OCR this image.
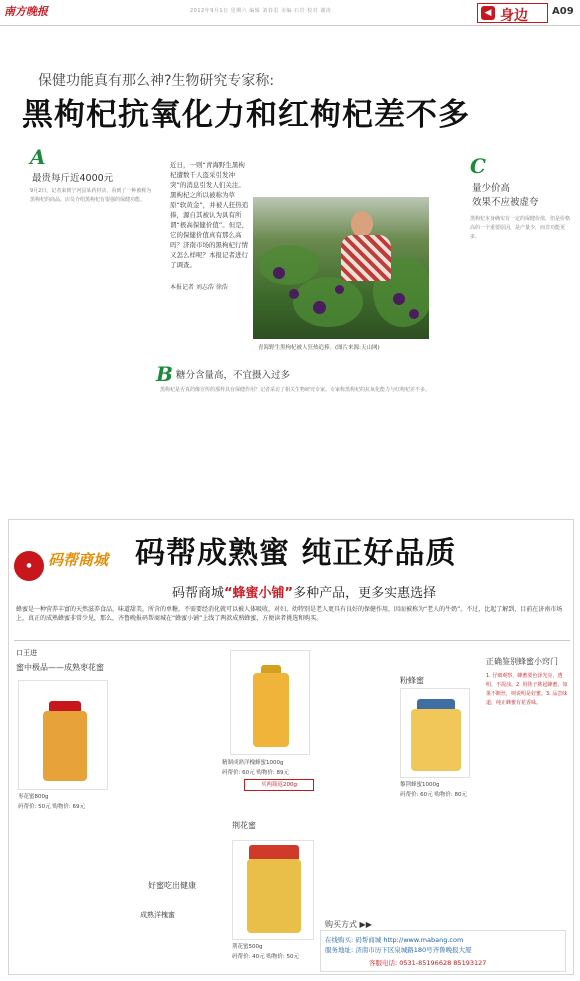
南方晚报	2012年9月1日 星期六 编辑 刘春雷 美编 石岩 校对 谢涛	◀ 身边 A09
保健功能真有那么神?生物研究专家称:
黑枸杞抗氧化力和红枸杞差不多
A
最贵每斤近4000元
9月2日，记者来到宁河县某药材店，看到了一种被称为黑枸杞的商品，店员介绍黑枸杞有很强的保健功能。
近日，一则“青海野生黑枸杞遭数千人盗采引发冲突”的消息引发人们关注。黑枸杞之所以被称为草原“软黄金”，并被人狂热追捧，源自其被认为具有所谓“极高保健价值”。但是，它的保健价值真有那么高吗？济南市场的黑枸杞行情又怎么样呢？本报记者进行了调查。
本报记者 刘志浩 徐浩
青海野生黑枸杞被人狂热追捧。(图片来源:天山网)
B 糖分含量高，不宜摄入过多
黑枸杞是否真的像宣传的那样具有保健作用？记者采访了相关生物研究专家。专家称黑枸杞的抗氧化能力与红枸杞差不多。
C
量少价高
效果不应被虚夸
黑枸杞本身确实有一定的保健价值，但是价格高的一个重要原因，是产量少，而非功能更多。
●	码帮商城 码帮成熟蜜 纯正好品质
码帮商城“蜂蜜小铺”多种产品，更多实惠选择
蜂蜜是一种营养丰富的天然滋养食品，味道甜美，所含的单糖，不需要经消化就可以被人体吸收，对妇、幼特别是老人更具有良好的保健作用，因而被称为“老人的牛奶”。不过，比起了解到，目前在济南市场上，真正的成熟蜂蜜非常少见，那么，齐鲁晚报码帮商城在“蜂蜜小铺”上线了两款成熟蜂蜜，方便读者挑选和购买。
口王进
蜜中极品——成熟枣花蜜
枣花蜜800g
码帮价: 50元 购物价: 69元
好蜜吃出健康
成熟洋槐蜜
精制成熟洋槐蜂蜜1000g
码帮价: 60元 购物价: 89元
买两瓶返200g
荆花蜜
荆花蜜500g
码帮价: 40元 购物价: 50元
粉蜂蜜
黎荆蜂蜜1000g
码帮价: 60元 购物价: 80元
正确鉴别蜂蜜小窍门
1. 仔细观察，蜂蜜要色泽光亮，透明，不混浊。2. 用筷子挑起蜂蜜，如果不断丝，则说明是好蜜。3. 品尝味道，纯正蜂蜜有花香味。
购买方式 ▶▶
在线购买: 码帮商城 http://www.mabang.com
服务地址: 济南市历下区泉城路180号齐鲁晚报大厦
客服电话: 0531-85196628 85193127
